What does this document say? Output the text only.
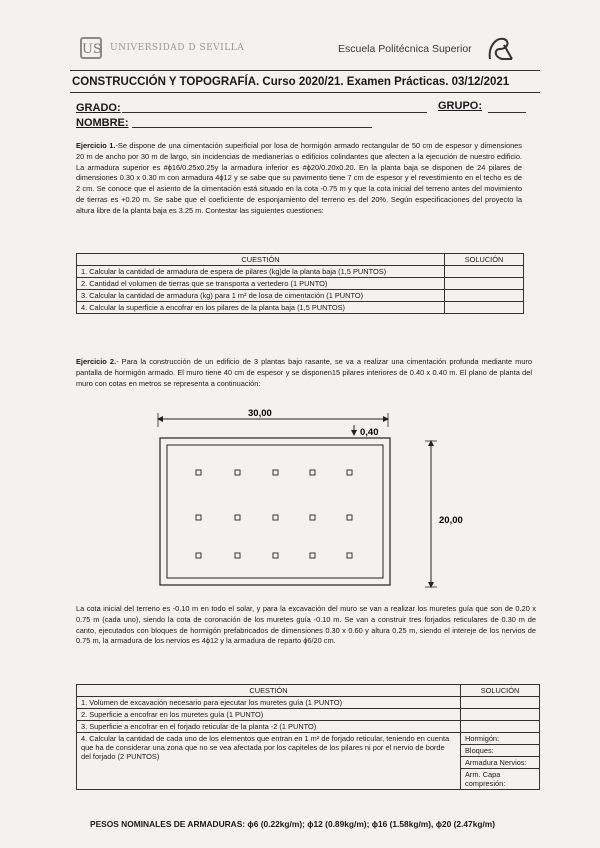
US UNIVERSIDAD D SEVILLA	Escuela Politécnica Superior
CONSTRUCCIÓN Y TOPOGRAFÍA. Curso 2020/21. Examen Prácticas. 03/12/2021
GRADO:	GRUPO:
NOMBRE:
Ejercicio 1.-Se dispone de una cimentación superficial por losa de hormigón armado rectangular de 50 cm de espesor y dimensiones 20 m de ancho por 30 m de largo, sin incidencias de medianerías o edificios colindantes que afecten a la ejecución de nuestro edificio. La armadura superior es #ϕ16/0.25x0.25y la armadura inferior es #ϕ20/0.20x0.20. En la planta baja se disponen de 24 pilares de dimensiones 0.30 x 0.30 m con armadura 4ϕ12 y se sabe que su pavimento tiene 7 cm de espesor y el revestimiento en el techo es de 2 cm. Se conoce que el asiento de la cimentación está situado en la cota -0.75 m y que la cota inicial del terreno antes del movimiento de tierras es +0.20 m. Se sabe que el coeficiente de esponjamiento del terreno es del 20%. Según especificaciones del proyecto la altura libre de la planta baja es 3.25 m. Contestar las siguientes cuestiones:
CUESTIÓN	SOLUCIÓN
1. Calcular la cantidad de armadura de espera de pilares (kg)de la planta baja (1,5 PUNTOS)	
2. Cantidad el volumen de tierras que se transporta a vertedero (1 PUNTO)	
3. Calcular la cantidad de armadura (kg) para 1 m² de losa de cimentación (1 PUNTO)	
4. Calcular la superficie a encofrar en los pilares de la planta baja (1,5 PUNTOS)	
Ejercicio 2.- Para la construcción de un edificio de 3 plantas bajo rasante, se va a realizar una cimentación profunda mediante muro pantalla de hormigón armado. El muro tiene 40 cm de espesor y se disponen15 pilares interiores de 0.40 x 0.40 m. El plano de planta del muro con cotas en metros se representa a continuación:
30,00
0,40
20,00
La cota inicial del terreno es -0.10 m en todo el solar, y para la excavación del muro se van a realizar los muretes guía que son de 0.20 x 0.75 m (cada uno), siendo la cota de coronación de los muretes guía -0.10 m. Se van a construir tres forjados reticulares de 0.30 m de canto, ejecutados con bloques de hormigón prefabricados de dimensiones 0.30 x 0.60 y altura 0.25 m, siendo el intereje de los nervios de 0.75 m, la armadura de los nervios es 4ϕ12 y la armadura de reparto ϕ6/20 cm.
CUESTIÓN	SOLUCIÓN
1. Volumen de excavación necesario para ejecutar los muretes guía (1 PUNTO)	
2. Superficie a encofrar en los muretes guía (1 PUNTO)	
3. Superficie a encofrar en el forjado reticular de la planta -2 (1 PUNTO)	
4. Calcular la cantidad de cada uno de los elementos que entran en 1 m² de forjado reticular, teniendo en cuenta que ha de considerar una zona que no se vea afectada por los capiteles de los pilares ni por el nervio de borde del forjado (2 PUNTOS)	Hormigón:
	Bloques:
	Armadura Nervios:
	Arm. Capa compresión:
PESOS NOMINALES DE ARMADURAS: ϕ6 (0.22kg/m); ϕ12 (0.89kg/m); ϕ16 (1.58kg/m), ϕ20 (2.47kg/m)
